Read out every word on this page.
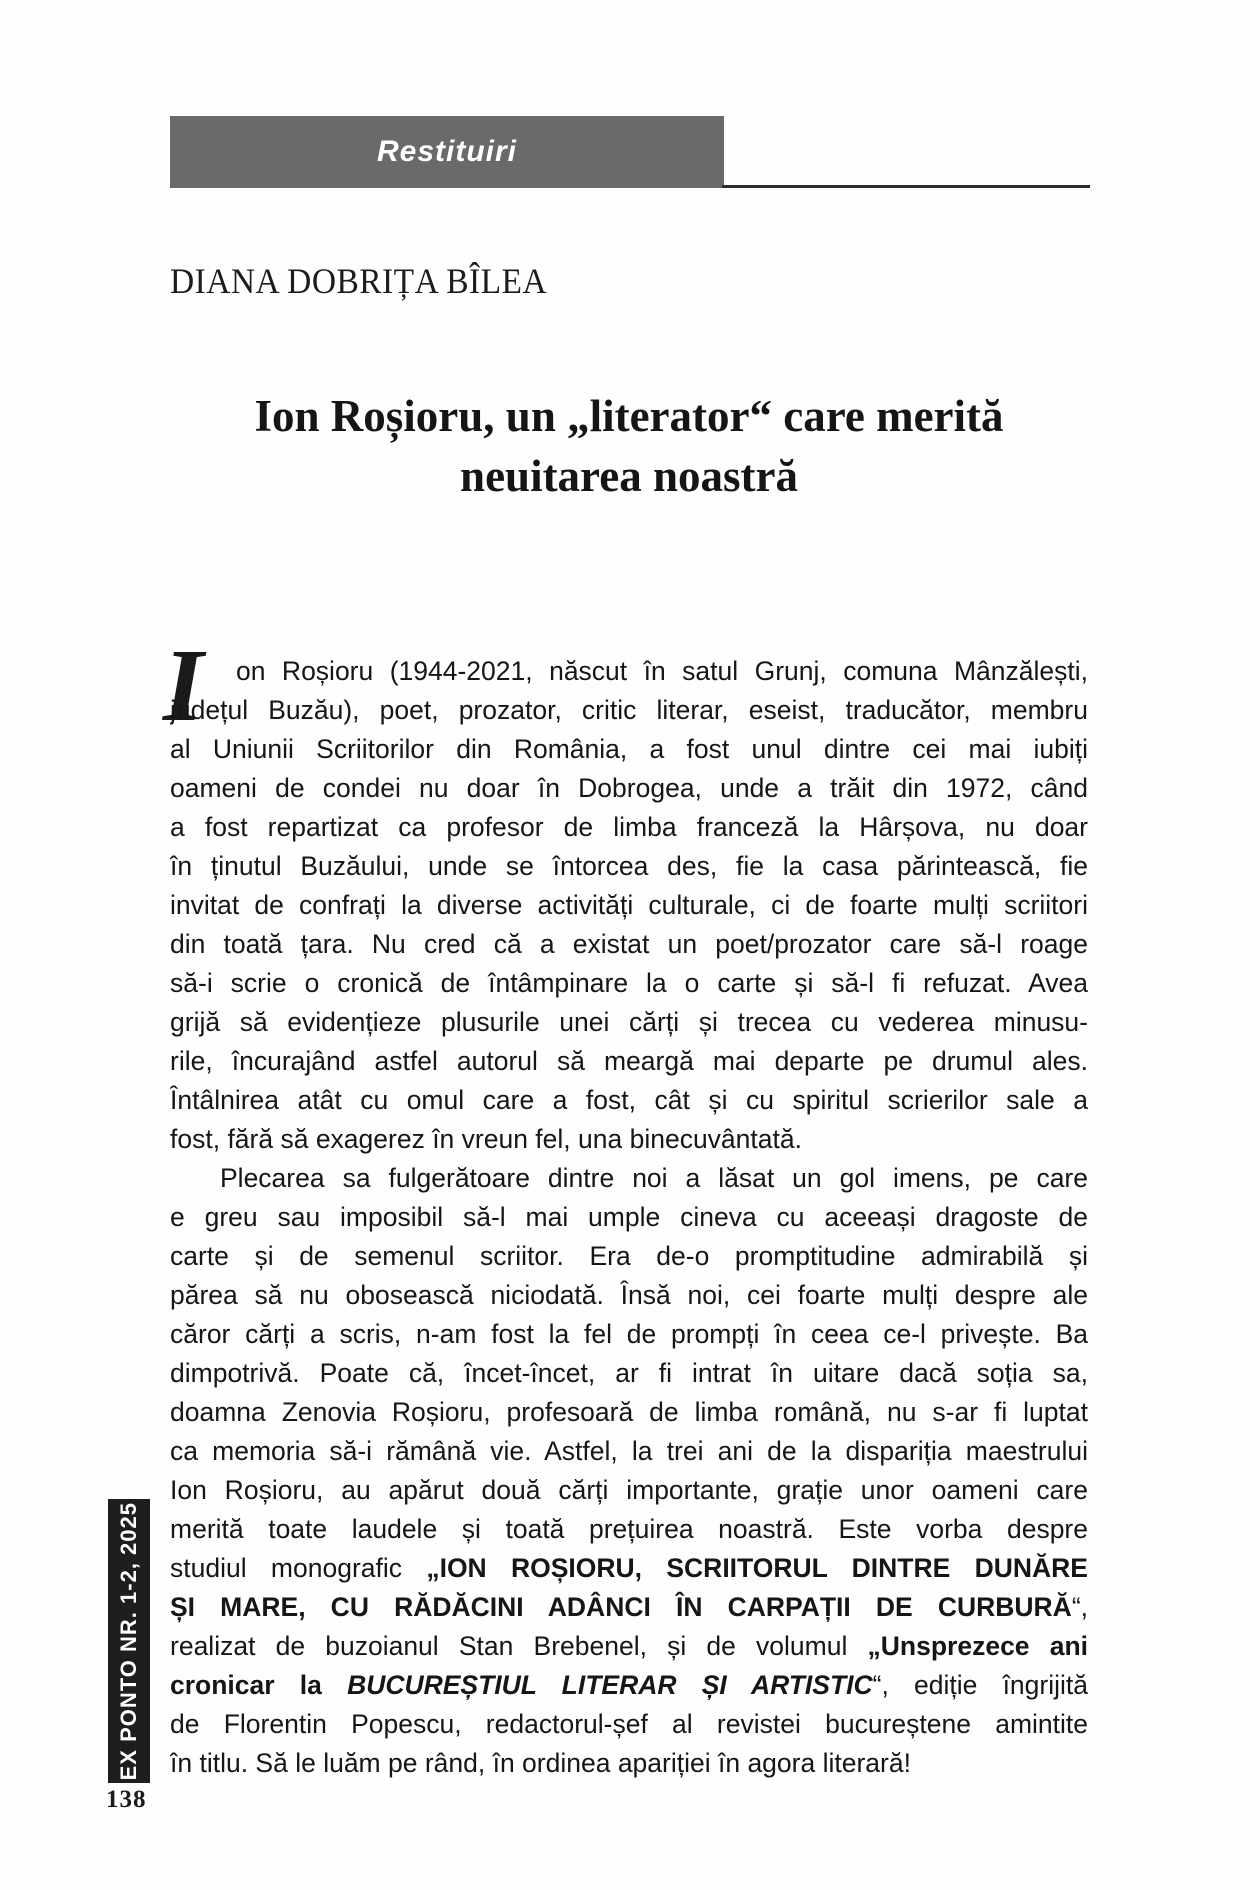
Restituiri
DIANA DOBRIȚA BÎLEA
Ion Roșioru, un „literator“ care merită
neuitarea noastră
I	on Roșioru (1944-2021, născut în satul Grunj, comuna Mânzălești,
județul Buzău), poet, prozator, critic literar, eseist, traducător, membru
al Uniunii Scriitorilor din România, a fost unul dintre cei mai iubiți
oameni de condei nu doar în Dobrogea, unde a trăit din 1972, când
a fost repartizat ca profesor de limba franceză la Hârșova, nu doar
în ținutul Buzăului, unde se întorcea des, fie la casa părintească, fie
invitat de confrați la diverse activități culturale, ci de foarte mulți scriitori
din toată țara. Nu cred că a existat un poet/prozator care să-l roage
să-i scrie o cronică de întâmpinare la o carte și să-l fi refuzat. Avea
grijă să evidențieze plusurile unei cărți și trecea cu vederea minusu-
rile, încurajând astfel autorul să meargă mai departe pe drumul ales.
Întâlnirea atât cu omul care a fost, cât și cu spiritul scrierilor sale a
fost, fără să exagerez în vreun fel, una binecuvântată.
Plecarea sa fulgerătoare dintre noi a lăsat un gol imens, pe care
e greu sau imposibil să-l mai umple cineva cu aceeași dragoste de
carte și de semenul scriitor. Era de-o promptitudine admirabilă și
părea să nu obosească niciodată. Însă noi, cei foarte mulți despre ale
căror cărți a scris, n-am fost la fel de prompți în ceea ce-l privește. Ba
dimpotrivă. Poate că, încet-încet, ar fi intrat în uitare dacă soția sa,
doamna Zenovia Roșioru, profesoară de limba română, nu s-ar fi luptat
ca memoria să-i rămână vie. Astfel, la trei ani de la dispariția maestrului
Ion Roșioru, au apărut două cărți importante, grație unor oameni care
merită toate laudele și toată prețuirea noastră. Este vorba despre
studiul monografic „ION ROȘIORU, SCRIITORUL DINTRE DUNĂRE
ȘI MARE, CU RĂDĂCINI ADÂNCI ÎN CARPAȚII DE CURBURĂ“,
realizat de buzoianul Stan Brebenel, și de volumul „Unsprezece ani
cronicar la BUCUREȘTIUL LITERAR ȘI ARTISTIC“, ediție îngrijită
de Florentin Popescu, redactorul-șef al revistei bucureștene amintite
în titlu. Să le luăm pe rând, în ordinea apariției în agora literară!
EX PONTO NR. 1-2, 2025
138
